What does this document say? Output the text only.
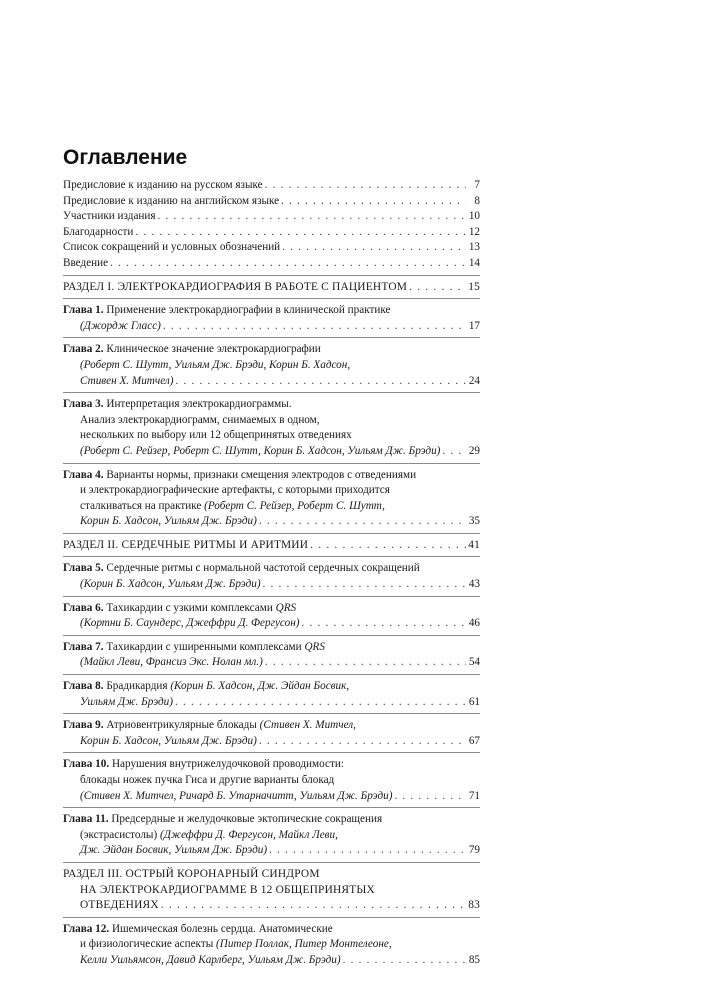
Оглавление
Предисловие к изданию на русском языке . . .	7
Предисловие к изданию на английском языке . . .	8
Участники издания . . .	10
Благодарности . . .	12
Список сокращений и условных обозначений . . .	13
Введение . . .	14
РАЗДЕЛ I. ЭЛЕКТРОКАРДИОГРАФИЯ В РАБОТЕ С ПАЦИЕНТОМ . . .	15
Глава 1. Применение электрокардиографии в клинической практике
(Джордж Гласс) . . .	17
Глава 2. Клиническое значение электрокардиографии
(Роберт С. Шутт, Уильям Дж. Брэди, Корин Б. Хадсон,
Стивен Х. Митчел) . . .	24
Глава 3. Интерпретация электрокардиограммы.
Анализ электрокардиограмм, снимаемых в одном,
нескольких по выбору или 12 общепринятых отведениях
(Роберт С. Рейзер, Роберт С. Шутт, Корин Б. Хадсон, Уильям Дж. Брэди) . . .	29
Глава 4. Варианты нормы, признаки смещения электродов с отведениями
и электрокардиографические артефакты, с которыми приходится
сталкиваться на практике (Роберт С. Рейзер, Роберт С. Шутт,
Корин Б. Хадсон, Уильям Дж. Брэди) . . .	35
РАЗДЕЛ II. СЕРДЕЧНЫЕ РИТМЫ И АРИТМИИ . . .	41
Глава 5. Сердечные ритмы с нормальной частотой сердечных сокращений
(Корин Б. Хадсон, Уильям Дж. Брэди) . . .	43
Глава 6. Тахикардии с узкими комплексами QRS
(Кортни Б. Саундерс, Джеффри Д. Фергусон) . . .	46
Глава 7. Тахикардии с уширенными комплексами QRS
(Майкл Леви, Франсиз Экс. Нолан мл.) . . .	54
Глава 8. Брадикардия (Корин Б. Хадсон, Дж. Эйдан Босвик,
Уильям Дж. Брэди) . . .	61
Глава 9. Атриовентрикулярные блокады (Стивен Х. Митчел,
Корин Б. Хадсон, Уильям Дж. Брэди) . . .	67
Глава 10. Нарушения внутрижелудочковой проводимости:
блокады ножек пучка Гиса и другие варианты блокад
(Стивен Х. Митчел, Ричард Б. Утарначитт, Уильям Дж. Брэди) . . .	71
Глава 11. Предсердные и желудочковые эктопические сокращения
(экстрасистолы) (Джеффри Д. Фергусон, Майкл Леви,
Дж. Эйдан Босвик, Уильям Дж. Брэди) . . .	79
РАЗДЕЛ III. ОСТРЫЙ КОРОНАРНЫЙ СИНДРОМ
НА ЭЛЕКТРОКАРДИОГРАММЕ В 12 ОБЩЕПРИНЯТЫХ
ОТВЕДЕНИЯХ . . .	83
Глава 12. Ишемическая болезнь сердца. Анатомические
и физиологические аспекты (Питер Поллак, Питер Монтелеоне,
Келли Уильямсон, Давид Карлберг, Уильям Дж. Брэди) . . .	85
